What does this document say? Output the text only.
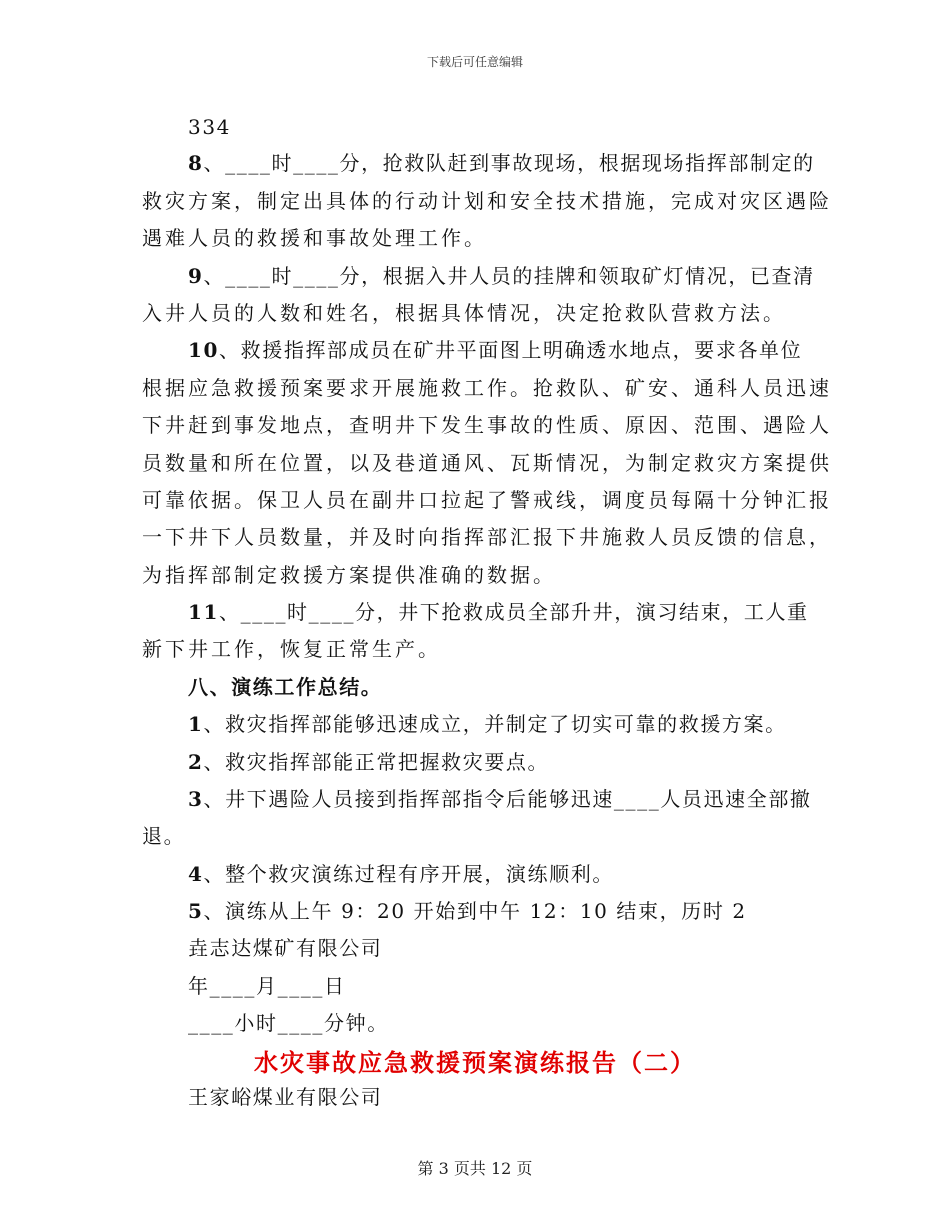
下载后可任意编辑
334
8、____时____分，抢救队赶到事故现场，根据现场指挥部制定的
救灾方案，制定出具体的行动计划和安全技术措施，完成对灾区遇险
遇难人员的救援和事故处理工作。
9、____时____分，根据入井人员的挂牌和领取矿灯情况，已查清
入井人员的人数和姓名，根据具体情况，决定抢救队营救方法。
10、救援指挥部成员在矿井平面图上明确透水地点，要求各单位
根据应急救援预案要求开展施救工作。抢救队、矿安、通科人员迅速
下井赶到事发地点，查明井下发生事故的性质、原因、范围、遇险人
员数量和所在位置，以及巷道通风、瓦斯情况，为制定救灾方案提供
可靠依据。保卫人员在副井口拉起了警戒线，调度员每隔十分钟汇报
一下井下人员数量，并及时向指挥部汇报下井施救人员反馈的信息，
为指挥部制定救援方案提供准确的数据。
11、____时____分，井下抢救成员全部升井，演习结束，工人重
新下井工作，恢复正常生产。
八、演练工作总结。
1、救灾指挥部能够迅速成立，并制定了切实可靠的救援方案。
2、救灾指挥部能正常把握救灾要点。
3、井下遇险人员接到指挥部指令后能够迅速____人员迅速全部撤
退。
4、整个救灾演练过程有序开展，演练顺利。
5、演练从上午 9：20 开始到中午 12：10 结束，历时 2
垚志达煤矿有限公司
年____月____日
____小时____分钟。
水灾事故应急救援预案演练报告（二）
王家峪煤业有限公司
第 3 页共 12 页
